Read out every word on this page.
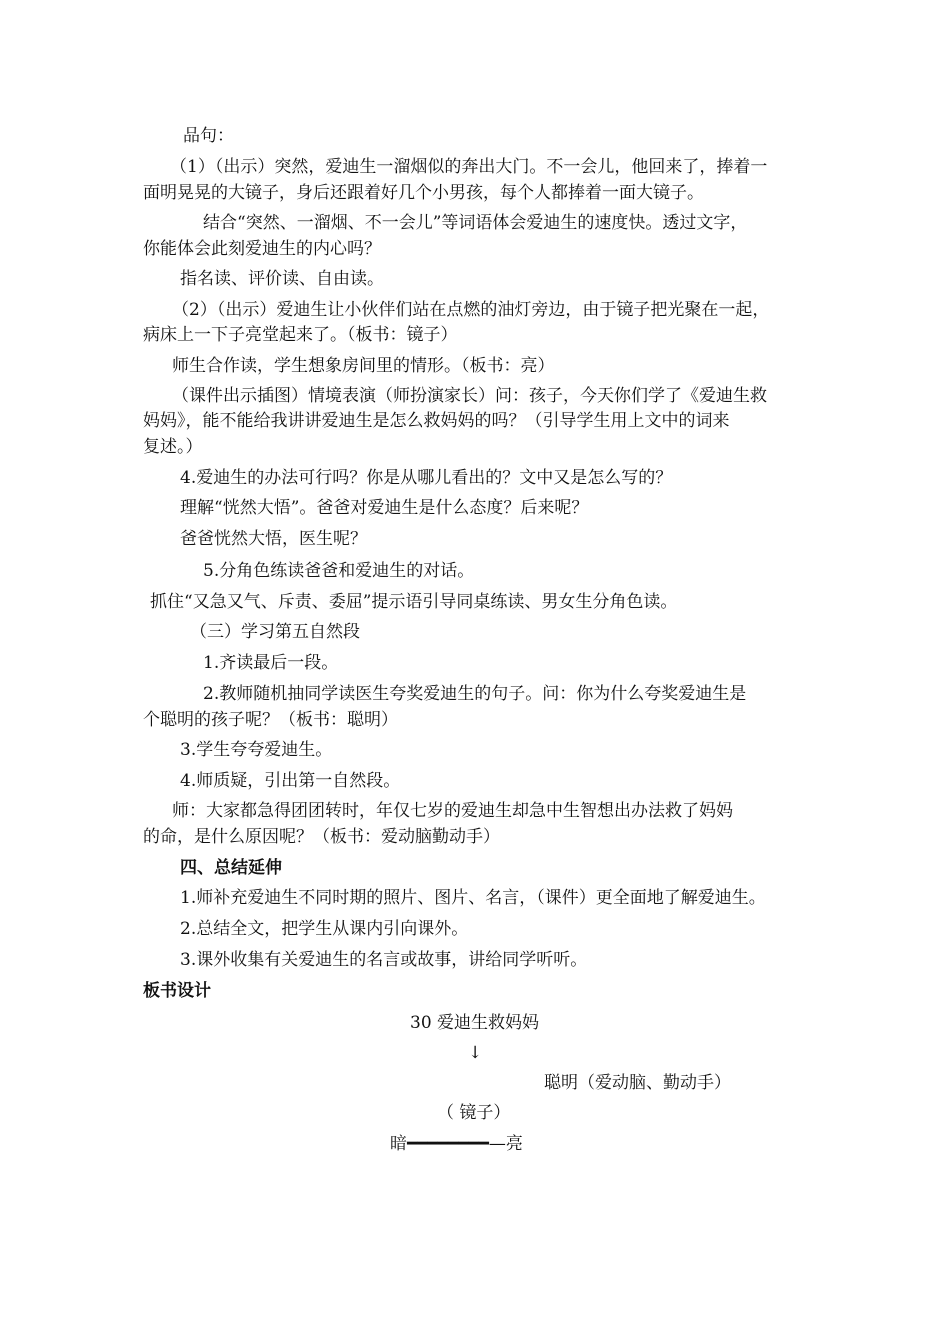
品句：
（1）（出示）突然，爱迪生一溜烟似的奔出大门。不一会儿，他回来了，捧着一
面明晃晃的大镜子，身后还跟着好几个小男孩，每个人都捧着一面大镜子。
结合“突然、一溜烟、不一会儿”等词语体会爱迪生的速度快。透过文字，
你能体会此刻爱迪生的内心吗？
指名读、评价读、自由读。
（2）（出示）爱迪生让小伙伴们站在点燃的油灯旁边，由于镜子把光聚在一起，
病床上一下子亮堂起来了。（板书：镜子）
师生合作读，学生想象房间里的情形。（板书：亮）
（课件出示插图）情境表演（师扮演家长）问：孩子，今天你们学了《爱迪生救
妈妈》，能不能给我讲讲爱迪生是怎么救妈妈的吗？（引导学生用上文中的词来
复述。）
4.爱迪生的办法可行吗？你是从哪儿看出的？文中又是怎么写的？
理解“恍然大悟”。爸爸对爱迪生是什么态度？后来呢？
爸爸恍然大悟，医生呢？
5.分角色练读爸爸和爱迪生的对话。
抓住“又急又气、斥责、委屈”提示语引导同桌练读、男女生分角色读。
（三）学习第五自然段
1.齐读最后一段。
2.教师随机抽同学读医生夸奖爱迪生的句子。问：你为什么夸奖爱迪生是
个聪明的孩子呢？（板书：聪明）
3.学生夸夸爱迪生。
4.师质疑，引出第一自然段。
师：大家都急得团团转时，年仅七岁的爱迪生却急中生智想出办法救了妈妈
的命，是什么原因呢？（板书：爱动脑勤动手）
四、总结延伸
1.师补充爱迪生不同时期的照片、图片、名言，（课件）更全面地了解爱迪生。
2.总结全文，把学生从课内引向课外。
3.课外收集有关爱迪生的名言或故事，讲给同学听听。
板书设计
30 爱迪生救妈妈
↓
聪明（爱动脑、勤动手）
（ 镜子）
暗━━━━━━━━—亮
